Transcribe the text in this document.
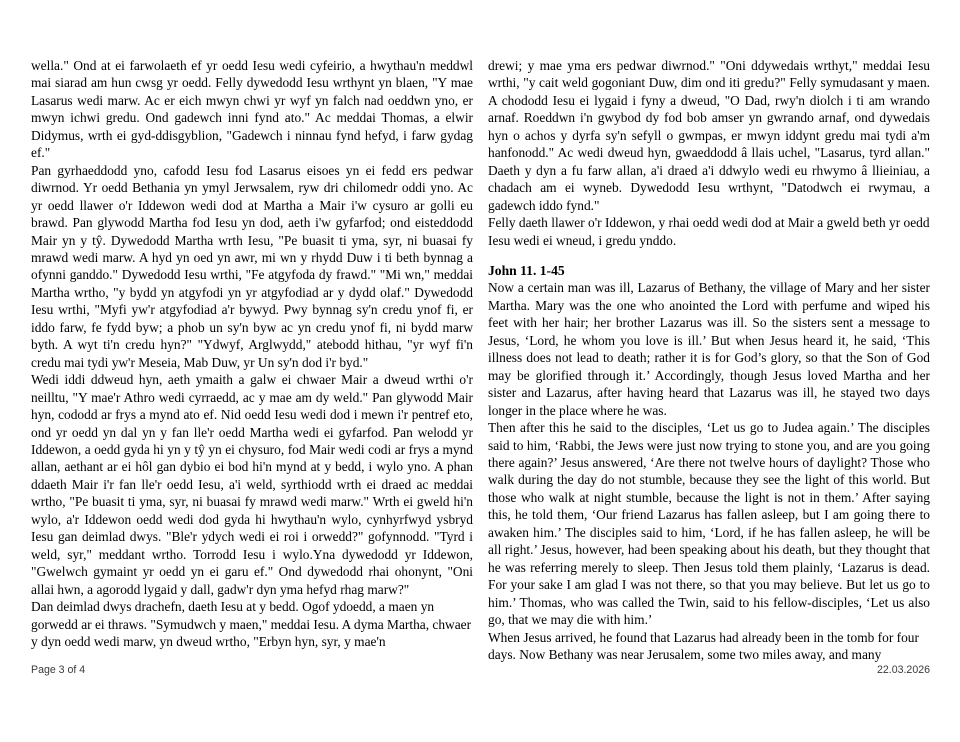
wella." Ond at ei farwolaeth ef yr oedd Iesu wedi cyfeirio, a hwythau'n meddwl mai siarad am hun cwsg yr oedd. Felly dywedodd Iesu wrthynt yn blaen, "Y mae Lasarus wedi marw. Ac er eich mwyn chwi yr wyf yn falch nad oeddwn yno, er mwyn ichwi gredu. Ond gadewch inni fynd ato." Ac meddai Thomas, a elwir Didymus, wrth ei gyd-ddisgyblion, "Gadewch i ninnau fynd hefyd, i farw gydag ef."

Pan gyrhaeddodd yno, cafodd Iesu fod Lasarus eisoes yn ei fedd ers pedwar diwrnod. Yr oedd Bethania yn ymyl Jerwsalem, ryw dri chilomedr oddi yno. Ac yr oedd llawer o'r Iddewon wedi dod at Martha a Mair i'w cysuro ar golli eu brawd. Pan glywodd Martha fod Iesu yn dod, aeth i'w gyfarfod; ond eisteddodd Mair yn y tŷ. Dywedodd Martha wrth Iesu, "Pe buasit ti yma, syr, ni buasai fy mrawd wedi marw. A hyd yn oed yn awr, mi wn y rhydd Duw i ti beth bynnag a ofynni ganddo." Dywedodd Iesu wrthi, "Fe atgyfoda dy frawd." "Mi wn," meddai Martha wrtho, "y bydd yn atgyfodi yn yr atgyfodiad ar y dydd olaf." Dywedodd Iesu wrthi, "Myfi yw'r atgyfodiad a'r bywyd. Pwy bynnag sy'n credu ynof fi, er iddo farw, fe fydd byw; a phob un sy'n byw ac yn credu ynof fi, ni bydd marw byth. A wyt ti'n credu hyn?" "Ydwyf, Arglwydd," atebodd hithau, "yr wyf fi'n credu mai tydi yw'r Meseia, Mab Duw, yr Un sy'n dod i'r byd."

Wedi iddi ddweud hyn, aeth ymaith a galw ei chwaer Mair a dweud wrthi o'r neilltu, "Y mae'r Athro wedi cyrraedd, ac y mae am dy weld." Pan glywodd Mair hyn, cododd ar frys a mynd ato ef. Nid oedd Iesu wedi dod i mewn i'r pentref eto, ond yr oedd yn dal yn y fan lle'r oedd Martha wedi ei gyfarfod. Pan welodd yr Iddewon, a oedd gyda hi yn y tŷ yn ei chysuro, fod Mair wedi codi ar frys a mynd allan, aethant ar ei hôl gan dybio ei bod hi'n mynd at y bedd, i wylo yno. A phan ddaeth Mair i'r fan lle'r oedd Iesu, a'i weld, syrthiodd wrth ei draed ac meddai wrtho, "Pe buasit ti yma, syr, ni buasai fy mrawd wedi marw." Wrth ei gweld hi'n wylo, a'r Iddewon oedd wedi dod gyda hi hwythau'n wylo, cynhyrfwyd ysbryd Iesu gan deimlad dwys. "Ble'r ydych wedi ei roi i orwedd?" gofynnodd. "Tyrd i weld, syr," meddant wrtho. Torrodd Iesu i wylo.Yna dywedodd yr Iddewon, "Gwelwch gymaint yr oedd yn ei garu ef." Ond dywedodd rhai ohonynt, "Oni allai hwn, a agorodd lygaid y dall, gadw'r dyn yma hefyd rhag marw?"

Dan deimlad dwys drachefn, daeth Iesu at y bedd. Ogof ydoedd, a maen yn gorwedd ar ei thraws. "Symudwch y maen," meddai Iesu. A dyma Martha, chwaer y dyn oedd wedi marw, yn dweud wrtho, "Erbyn hyn, syr, y mae'n

drewi; y mae yma ers pedwar diwrnod." "Oni ddywedais wrthyt," meddai Iesu wrthi, "y cait weld gogoniant Duw, dim ond iti gredu?" Felly symudasant y maen. A chododd Iesu ei lygaid i fyny a dweud, "O Dad, rwy'n diolch i ti am wrando arnaf. Roeddwn i'n gwybod dy fod bob amser yn gwrando arnaf, ond dywedais hyn o achos y dyrfa sy'n sefyll o gwmpas, er mwyn iddynt gredu mai tydi a'm hanfonodd." Ac wedi dweud hyn, gwaeddodd â llais uchel, "Lasarus, tyrd allan." Daeth y dyn a fu farw allan, a'i draed a'i ddwylo wedi eu rhwymo â llieiniau, a chadach am ei wyneb. Dywedodd Iesu wrthynt, "Datodwch ei rwymau, a gadewch iddo fynd."

Felly daeth llawer o'r Iddewon, y rhai oedd wedi dod at Mair a gweld beth yr oedd Iesu wedi ei wneud, i gredu ynddo.

John 11. 1-45

Now a certain man was ill, Lazarus of Bethany, the village of Mary and her sister Martha. Mary was the one who anointed the Lord with perfume and wiped his feet with her hair; her brother Lazarus was ill. So the sisters sent a message to Jesus, ‘Lord, he whom you love is ill.’ But when Jesus heard it, he said, ‘This illness does not lead to death; rather it is for God’s glory, so that the Son of God may be glorified through it.’ Accordingly, though Jesus loved Martha and her sister and Lazarus, after having heard that Lazarus was ill, he stayed two days longer in the place where he was.

Then after this he said to the disciples, ‘Let us go to Judea again.’ The disciples said to him, ‘Rabbi, the Jews were just now trying to stone you, and are you going there again?’ Jesus answered, ‘Are there not twelve hours of daylight? Those who walk during the day do not stumble, because they see the light of this world. But those who walk at night stumble, because the light is not in them.’ After saying this, he told them, ‘Our friend Lazarus has fallen asleep, but I am going there to awaken him.’ The disciples said to him, ‘Lord, if he has fallen asleep, he will be all right.’ Jesus, however, had been speaking about his death, but they thought that he was referring merely to sleep. Then Jesus told them plainly, ‘Lazarus is dead. For your sake I am glad I was not there, so that you may believe. But let us go to him.’ Thomas, who was called the Twin, said to his fellow-disciples, ‘Let us also go, that we may die with him.’

When Jesus arrived, he found that Lazarus had already been in the tomb for four days. Now Bethany was near Jerusalem, some two miles away, and many

Page 3 of 4	22.03.2026
